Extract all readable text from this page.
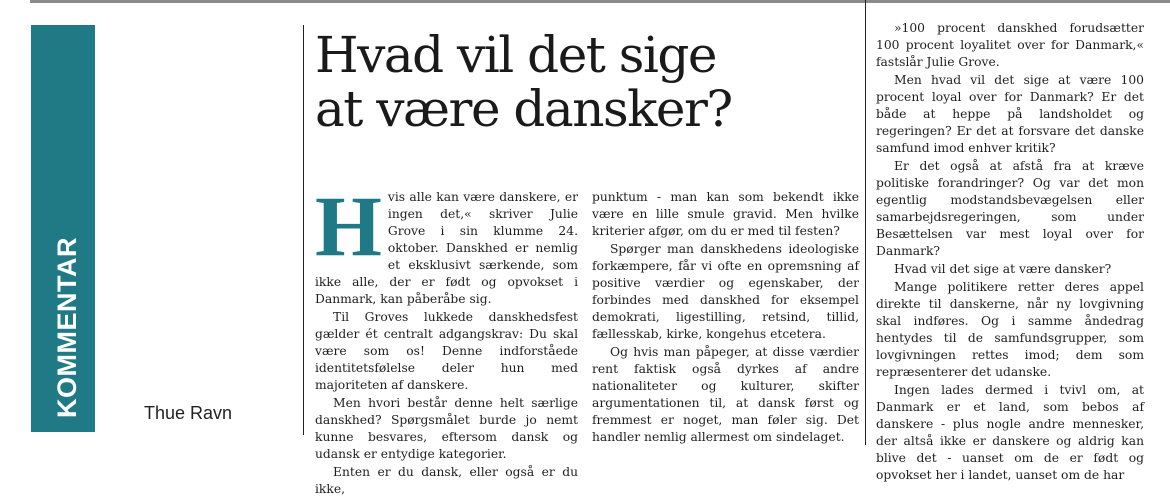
KOMMENTAR	Thue Ravn
Hvad vil det sige
at være dansker?

Hvis alle kan være danskere, er ingen det,« skriver Julie Grove i sin klumme 24. oktober. Danskhed er nemlig et eksklusivt særkende, som ikke alle, der er født og opvokset i Danmark, kan påberåbe sig.

Til Groves lukkede danskhedsfest gælder ét centralt adgangskrav: Du skal være som os! Denne indforståede identitetsfølelse deler hun med majoriteten af danskere.

Men hvori består denne helt særlige danskhed? Spørgsmålet burde jo nemt kunne besvares, eftersom dansk og udansk er entydige kategorier.

Enten er du dansk, eller også er du ikke,

punktum - man kan som bekendt ikke være en lille smule gravid. Men hvilke kriterier afgør, om du er med til festen?

Spørger man danskhedens ideologiske forkæmpere, får vi ofte en opremsning af positive værdier og egenskaber, der forbindes med danskhed for eksempel demokrati, ligestilling, retsind, tillid, fællesskab, kirke, kongehus etcetera.

Og hvis man påpeger, at disse værdier rent faktisk også dyrkes af andre nationaliteter og kulturer, skifter argumentationen til, at dansk først og fremmest er noget, man føler sig. Det handler nemlig allermest om sindelaget.

»100 procent danskhed forudsætter 100 procent loyalitet over for Danmark,« fastslår Julie Grove.

Men hvad vil det sige at være 100 procent loyal over for Danmark? Er det både at heppe på landsholdet og regeringen? Er det at forsvare det danske samfund imod enhver kritik?

Er det også at afstå fra at kræve politiske forandringer? Og var det mon egentlig modstandsbevægelsen eller samarbejdsregeringen, som under Besættelsen var mest loyal over for Danmark?

Hvad vil det sige at være dansker?

Mange politikere retter deres appel direkte til danskerne, når ny lovgivning skal indføres. Og i samme åndedrag hentydes til de samfundsgrupper, som lovgivningen rettes imod; dem som repræsenterer det udanske.

Ingen lades dermed i tvivl om, at Danmark er et land, som bebos af danskere - plus nogle andre mennesker, der altså ikke er danskere og aldrig kan blive det - uanset om de er født og opvokset her i landet, uanset om de har
